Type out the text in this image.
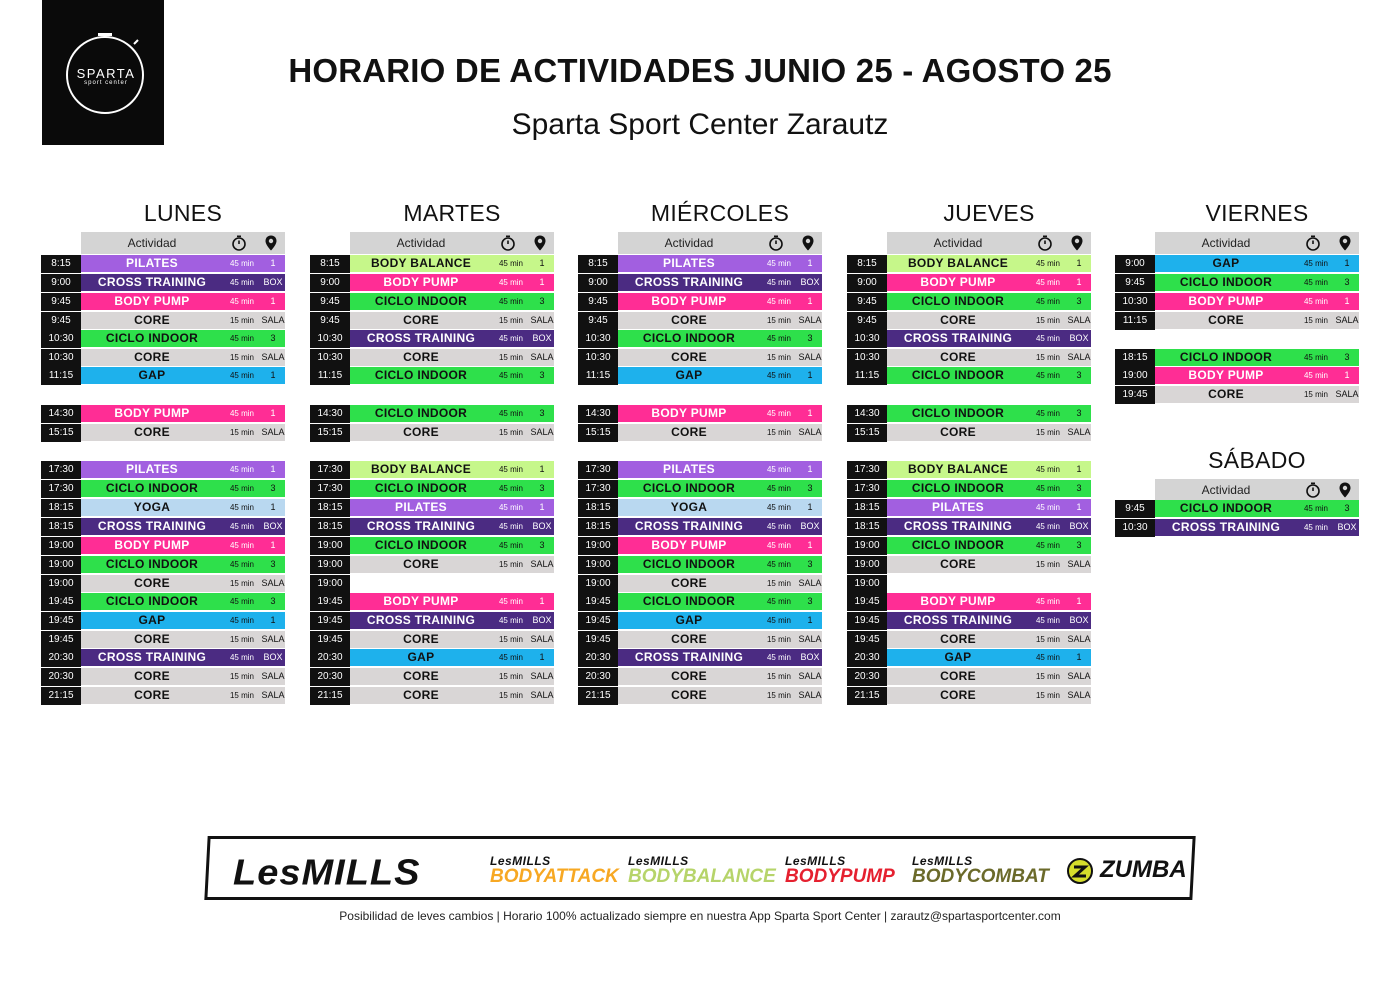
SPARTA
sport center	HORARIO DE ACTIVIDADES JUNIO 25 - AGOSTO 25
Sparta Sport Center Zarautz
LUNES
Actividad
8:15	PILATES	45 min	1
9:00	CROSS TRAINING	45 min	BOX
9:45	BODY PUMP	45 min	1
9:45	CORE	15 min SALA
10:30	CICLO INDOOR	45 min	3
10:30	CORE	15 min SALA
11:15	GAP	45 min	1
14:30	BODY PUMP	45 min	1
15:15	CORE	15 min SALA
17:30	PILATES	45 min	1
17:30	CICLO INDOOR	45 min	3
18:15	YOGA	45 min	1
18:15	CROSS TRAINING	45 min	BOX
19:00	BODY PUMP	45 min	1
19:00	CICLO INDOOR	45 min	3
19:00	CORE	15 min SALA
19:45	CICLO INDOOR	45 min	3
19:45	GAP	45 min	1
19:45	CORE	15 min SALA
20:30	CROSS TRAINING	45 min	BOX
20:30	CORE	15 min SALA
21:15	CORE	15 min SALA
MARTES
Actividad
8:15	BODY BALANCE	45 min	1
9:00	BODY PUMP	45 min	1
9:45	CICLO INDOOR	45 min	3
9:45	CORE	15 min SALA
10:30	CROSS TRAINING	45 min	BOX
10:30	CORE	15 min SALA
11:15	CICLO INDOOR	45 min	3
14:30	CICLO INDOOR	45 min	3
15:15	CORE	15 min SALA
17:30	BODY BALANCE	45 min	1
17:30	CICLO INDOOR	45 min	3
18:15	PILATES	45 min	1
18:15	CROSS TRAINING	45 min	BOX
19:00	CICLO INDOOR	45 min	3
19:00	CORE	15 min SALA
19:00
19:45	BODY PUMP	45 min	1
19:45	CROSS TRAINING	45 min	BOX
19:45	CORE	15 min SALA
20:30	GAP	45 min	1
20:30	CORE	15 min SALA
21:15	CORE	15 min SALA
MIÉRCOLES
Actividad
8:15	PILATES	45 min	1
9:00	CROSS TRAINING	45 min	BOX
9:45	BODY PUMP	45 min	1
9:45	CORE	15 min SALA
10:30	CICLO INDOOR	45 min	3
10:30	CORE	15 min SALA
11:15	GAP	45 min	1
14:30	BODY PUMP	45 min	1
15:15	CORE	15 min SALA
17:30	PILATES	45 min	1
17:30	CICLO INDOOR	45 min	3
18:15	YOGA	45 min	1
18:15	CROSS TRAINING	45 min	BOX
19:00	BODY PUMP	45 min	1
19:00	CICLO INDOOR	45 min	3
19:00	CORE	15 min SALA
19:45	CICLO INDOOR	45 min	3
19:45	GAP	45 min	1
19:45	CORE	15 min SALA
20:30	CROSS TRAINING	45 min	BOX
20:30	CORE	15 min SALA
21:15	CORE	15 min SALA
JUEVES
Actividad
8:15	BODY BALANCE	45 min	1
9:00	BODY PUMP	45 min	1
9:45	CICLO INDOOR	45 min	3
9:45	CORE	15 min SALA
10:30	CROSS TRAINING	45 min	BOX
10:30	CORE	15 min SALA
11:15	CICLO INDOOR	45 min	3
14:30	CICLO INDOOR	45 min	3
15:15	CORE	15 min SALA
17:30	BODY BALANCE	45 min	1
17:30	CICLO INDOOR	45 min	3
18:15	PILATES	45 min	1
18:15	CROSS TRAINING	45 min	BOX
19:00	CICLO INDOOR	45 min	3
19:00	CORE	15 min SALA
19:00
19:45	BODY PUMP	45 min	1
19:45	CROSS TRAINING	45 min	BOX
19:45	CORE	15 min SALA
20:30	GAP	45 min	1
20:30	CORE	15 min SALA
21:15	CORE	15 min SALA
VIERNES
Actividad
9:00	GAP	45 min	1
9:45	CICLO INDOOR	45 min	3
10:30	BODY PUMP	45 min	1
11:15	CORE	15 min SALA
18:15	CICLO INDOOR	45 min	3
19:00	BODY PUMP	45 min	1
19:45	CORE	15 min SALA
SÁBADO
Actividad
9:45	CICLO INDOOR	45 min	3
10:30	CROSS TRAINING	45 min	BOX
LesMILLS	LesMILLS
BODYATTACK
LesMILLS
BODYBALANCE
LesMILLS
BODYPUMP
LesMILLS
BODYCOMBAT ZUMBA
Posibilidad de leves cambios | Horario 100% actualizado siempre en nuestra App Sparta Sport Center | zarautz@spartasportcenter.com
